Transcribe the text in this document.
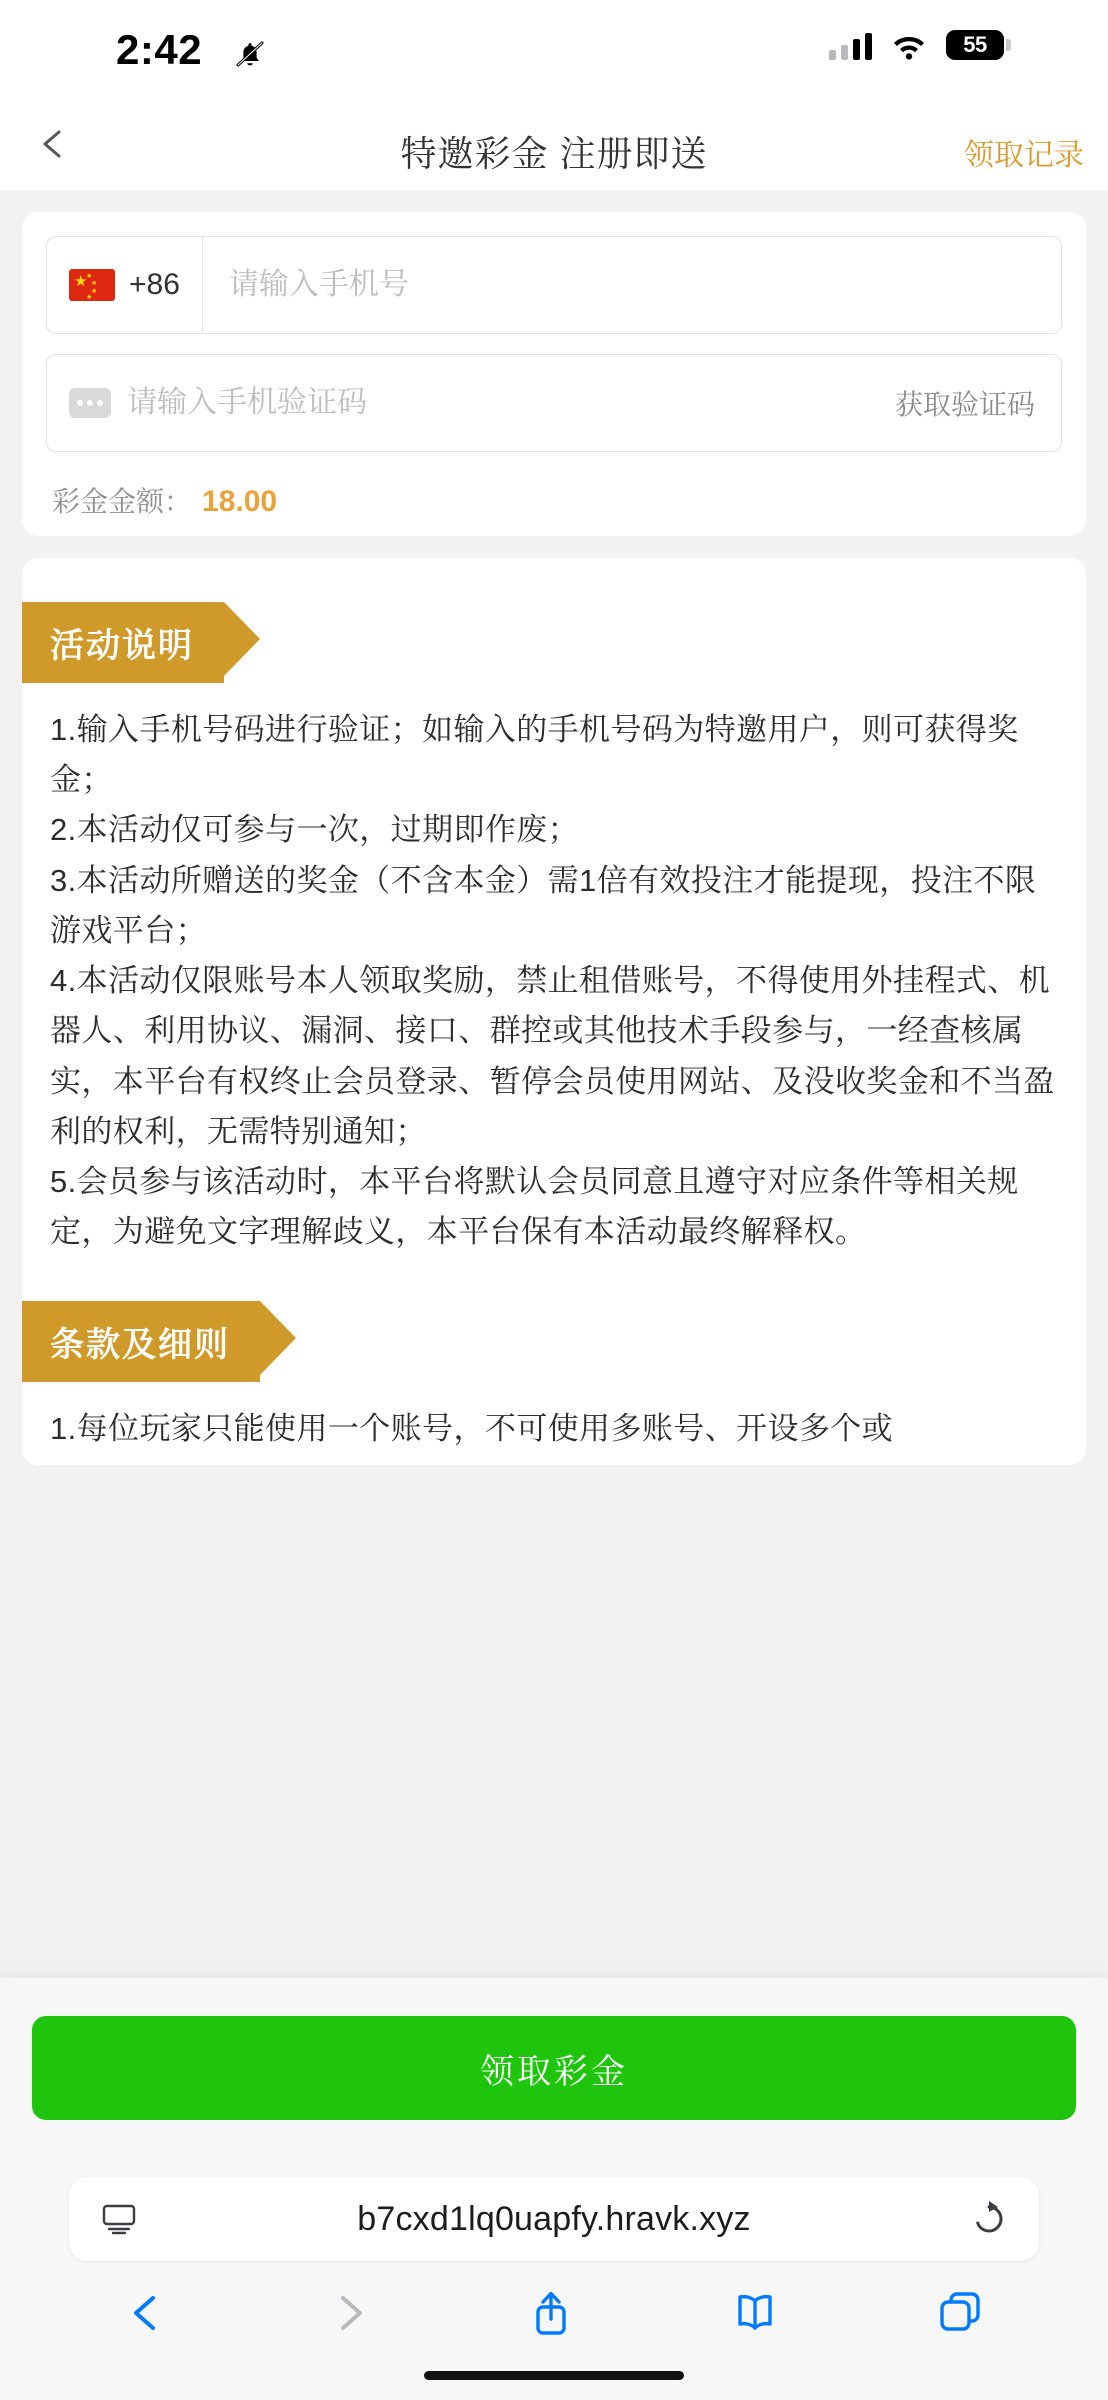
2:42	55
特邀彩金 注册即送	领取记录
★
★
★
★
★ +86
请输入手机号
请输入手机验证码
获取验证码
彩金金额： 18.00
活动说明

1.输入手机号码进行验证；如输入的手机号码为特邀用户，则可获得奖金；

2.本活动仅可参与一次，过期即作废；

3.本活动所赠送的奖金（不含本金）需1倍有效投注才能提现，投注不限游戏平台；

4.本活动仅限账号本人领取奖励，禁止租借账号，不得使用外挂程式、机器人、利用协议、漏洞、接口、群控或其他技术手段参与，一经查核属实，本平台有权终止会员登录、暂停会员使用网站、及没收奖金和不当盈利的权利，无需特别通知；

5.会员参与该活动时，本平台将默认会员同意且遵守对应条件等相关规定，为避免文字理解歧义，本平台保有本活动最终解释权。

条款及细则

1.每位玩家只能使用一个账号，不可使用多账号、开设多个或

领取彩金
b7cxd1lq0uapfy.hravk.xyz
